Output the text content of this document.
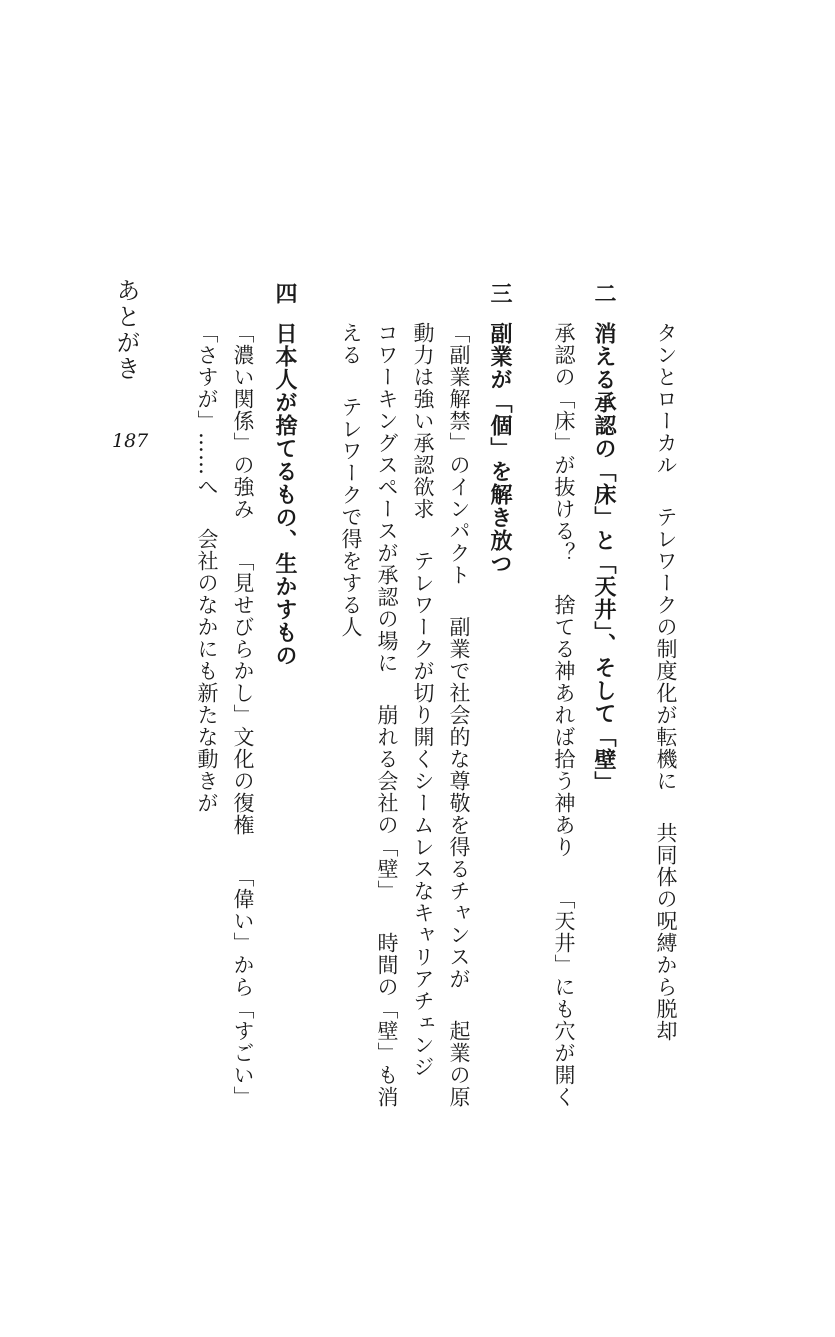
タンとローカルテレワークの制度化が転機に共同体の呪縛から脱却
二
消える承認の「床」と「天井」、そして「壁」
承認の「床」が抜ける？捨てる神あれば拾う神あり「天井」にも穴が開く
三
副業が「個」を解き放つ
「副業解禁」のインパクト副業で社会的な尊敬を得るチャンスが起業の原
動力は強い承認欲求テレワークが切り開くシームレスなキャリアチェンジ
コワーキングスペースが承認の場に崩れる会社の「壁」時間の「壁」も消
えるテレワークで得をする人
四
日本人が捨てるもの、生かすもの
「濃い関係」の強み「見せびらかし」文化の復権「偉い」から「すごい」
「さすが」……へ会社のなかにも新たな動きが
あとがき
187
